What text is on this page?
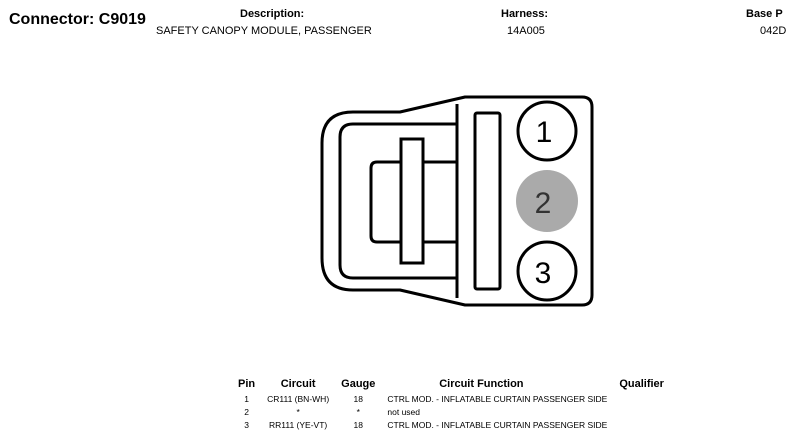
Connector: C9019	Description:
SAFETY CANOPY MODULE, PASSENGER
Harness:
14A005
Base P
042D
1
2
3
Pin	Circuit	Gauge	Circuit Function	Qualifier
1	CR111 (BN-WH)	18	CTRL MOD. - INFLATABLE CURTAIN PASSENGER SIDE	
2	*	*	not used	
3	RR111 (YE-VT)	18	CTRL MOD. - INFLATABLE CURTAIN PASSENGER SIDE	
